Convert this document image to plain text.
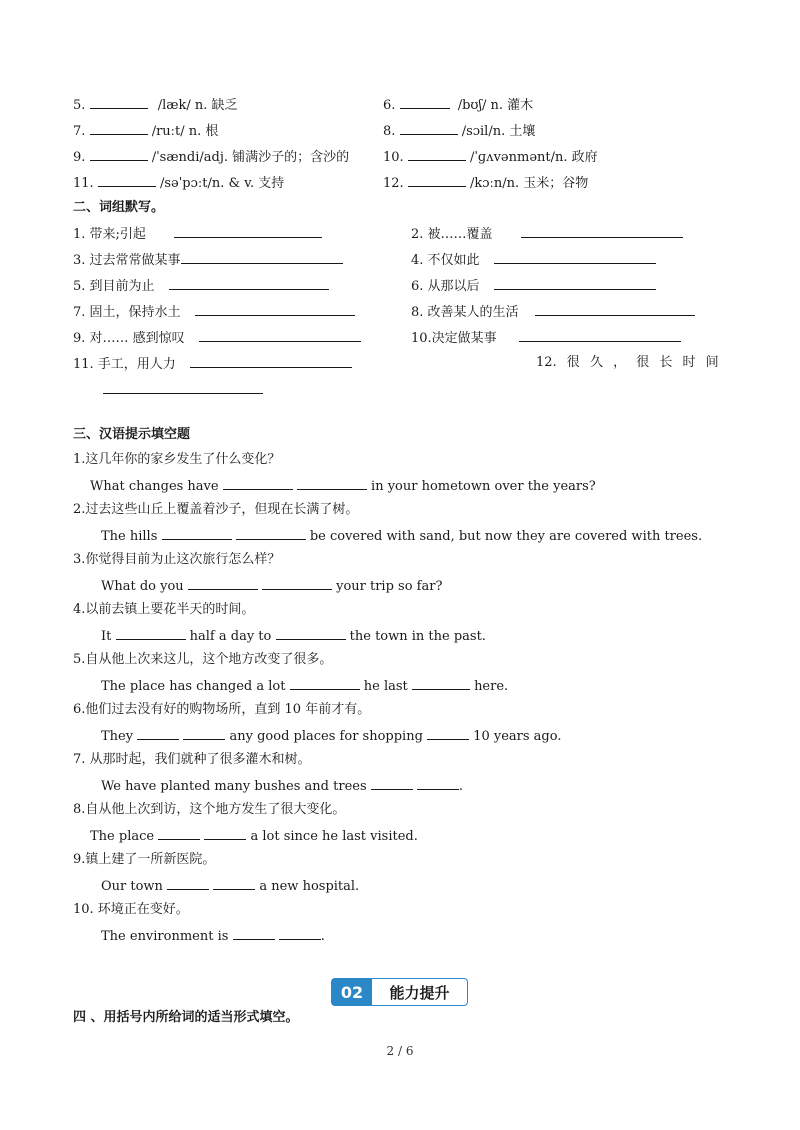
5.	/læk/ n. 缺乏	6.	/bʊʃ/ n. 灌木
7.	/ruːt/ n. 根	8.	/sɔil/n. 土壤
9.	/ˈsændi/adj. 铺满沙子的；含沙的	10.	/ˈɡʌvənmənt/n. 政府
11.	/səˈpɔːt/n. & v. 支持	12.	/kɔːn/n. 玉米；谷物
二、词组默写。
1. 带来;引起	2. 被……覆盖
3. 过去常常做某事	4. 不仅如此
5. 到目前为止	6. 从那以后
7. 固土，保持水土	8. 改善某人的生活
9. 对…… 感到惊叹	10.决定做某事
11. 手工，用人力	12. 很 久 ， 很 长 时 间
三、汉语提示填空题
1.这几年你的家乡发生了什么变化？
What changes have	in your hometown over the years?
2.过去这些山丘上覆盖着沙子，但现在长满了树。
The hills	be covered with sand, but now they are covered with trees.
3.你觉得目前为止这次旅行怎么样？
What do you	your trip so far?
4.以前去镇上要花半天的时间。
It	half a day to	the town in the past.
5.自从他上次来这儿，这个地方改变了很多。
The place has changed a lot	he last	here.
6.他们过去没有好的购物场所，直到 10 年前才有。
They	any good places for shopping	10 years ago.
7. 从那时起，我们就种了很多灌木和树。
We have planted many bushes and trees	.
8.自从他上次到访，这个地方发生了很大变化。
The place	a lot since he last visited.
9.镇上建了一所新医院。
Our town	a new hospital.
10. 环境正在变好。
The environment is	.
02	能力提升
四 、用括号内所给词的适当形式填空。
2 / 6
